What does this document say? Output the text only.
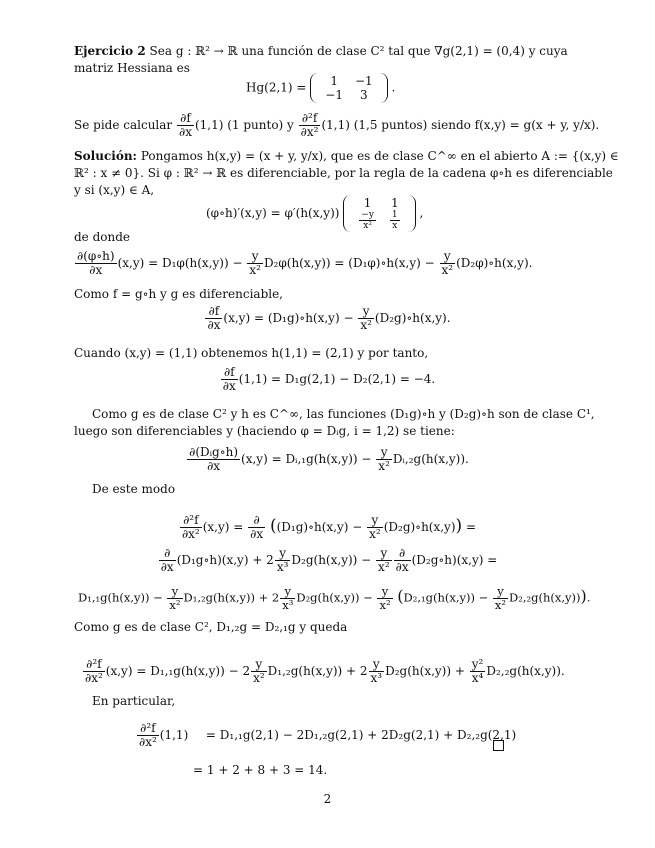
Ejercicio 2 Sea g : ℝ² → ℝ una función de clase C² tal que ∇g(2,1) = (0,4) y cuya
matriz Hessiana es
Hg(2,1) = 1	−1
−1	3
.
Se pide calcular $\frac{\partial f}{\partial x} (1,1)$ (1 punto) y $\frac{\text{∂²f}}{\text{∂x²}} (1,1)$ (1,5 puntos) siendo f(x,y) = g(x + y, y/x).
Solución: Pongamos h(x,y) = (x + y, y/x), que es de clase C^∞ en el abierto A := {(x,y) ∈
ℝ² : x ≠ 0}. Si φ : ℝ² → ℝ es diferenciable, por la regla de la cadena φ∘h es diferenciable
y si (x,y) ∈ A,
(φ∘h)′(x,y) = φ′(h(x,y))
1	1

$\frac{-y}{\text{x²}}$	$\frac{1}{x}$ ,
de donde
$\frac{\partial(\varphi\circ h)}{\partial x} (x,y) = D_1\varphi(h(x,y)) - \frac{y}{\text{x²}} D_2\varphi(h(x,y))$ = (D₁φ)∘h(x,y) − $\frac{y}{\text{x²}}$ (D₂φ)∘h(x,y).
Como f = g∘h y g es diferenciable,
$\frac{\partial f}{\partial x} (x,y)$ = (D₁g)∘h(x,y) − $\frac{y}{\text{x²}}$ (D₂g)∘h(x,y).
Cuando (x,y) = (1,1) obtenemos h(1,1) = (2,1) y por tanto,
$\frac{\partial f}{\partial x} (1,1) = D_1g(2,1) - D_2(2,1) = -4$.
Como g es de clase C² y h es C^∞, las funciones (D₁g)∘h y (D₂g)∘h son de clase C¹,
luego son diferenciables y (haciendo φ = Dᵢg, i = 1,2) se tiene:
$\frac{\text{∂(Dᵢg∘h)}}{\partial x} (x,y)$ = Dᵢ,₁g(h(x,y)) − $\frac{y}{\text{x²}}$ Dᵢ,₂g(h(x,y)).
De este modo
$\frac{\text{∂²f}}{\text{∂x²}} (x,y) = \frac{\partial}{\partial x}$ ((D₁g)∘h(x,y) − $\frac{y}{\text{x²}}$ (D₂g)∘h(x,y)) =
$\frac{\partial}{\partial x}$ (D₁g∘h)(x,y) + $2 \frac{y}{\text{x³}} D_2g(h(x,y)) - \frac{y}{\text{x²}} \frac{\partial}{\partial x}$ (D₂g∘h)(x,y) =
$D_1,_1g(h(x,y)) - \frac{y}{\text{x²}} D_1,_2g(h(x,y)) + 2 \frac{y}{\text{x³}} D_2g(h(x,y)) - \frac{y}{\text{x²}} (D_2,_1g(h(x,y)) - \frac{y}{\text{x²}} D_2,_2g(h(x,y)))$.
Como g es de clase C², D₁,₂g = D₂,₁g y queda
$\frac{\text{∂²f}}{\text{∂x²}} (x,y) = D_1,_1g(h(x,y)) - 2 \frac{y}{\text{x²}} D_1,_2g(h(x,y)) + 2 \frac{y}{\text{x³}} D_2g(h(x,y)) + \frac{\text{y²}}{\text{x⁴}} D_2,_2g(h(x,y))$.
En particular,
$\frac{\text{∂²f}}{\text{∂x²}} (1,1) = D_1,_1g(2,1) - 2D_1,_2g(2,1) + 2D_2g(2,1) + D_2,_2g(2,1)$
= 1 + 2 + 8 + 3 = 14.
2
